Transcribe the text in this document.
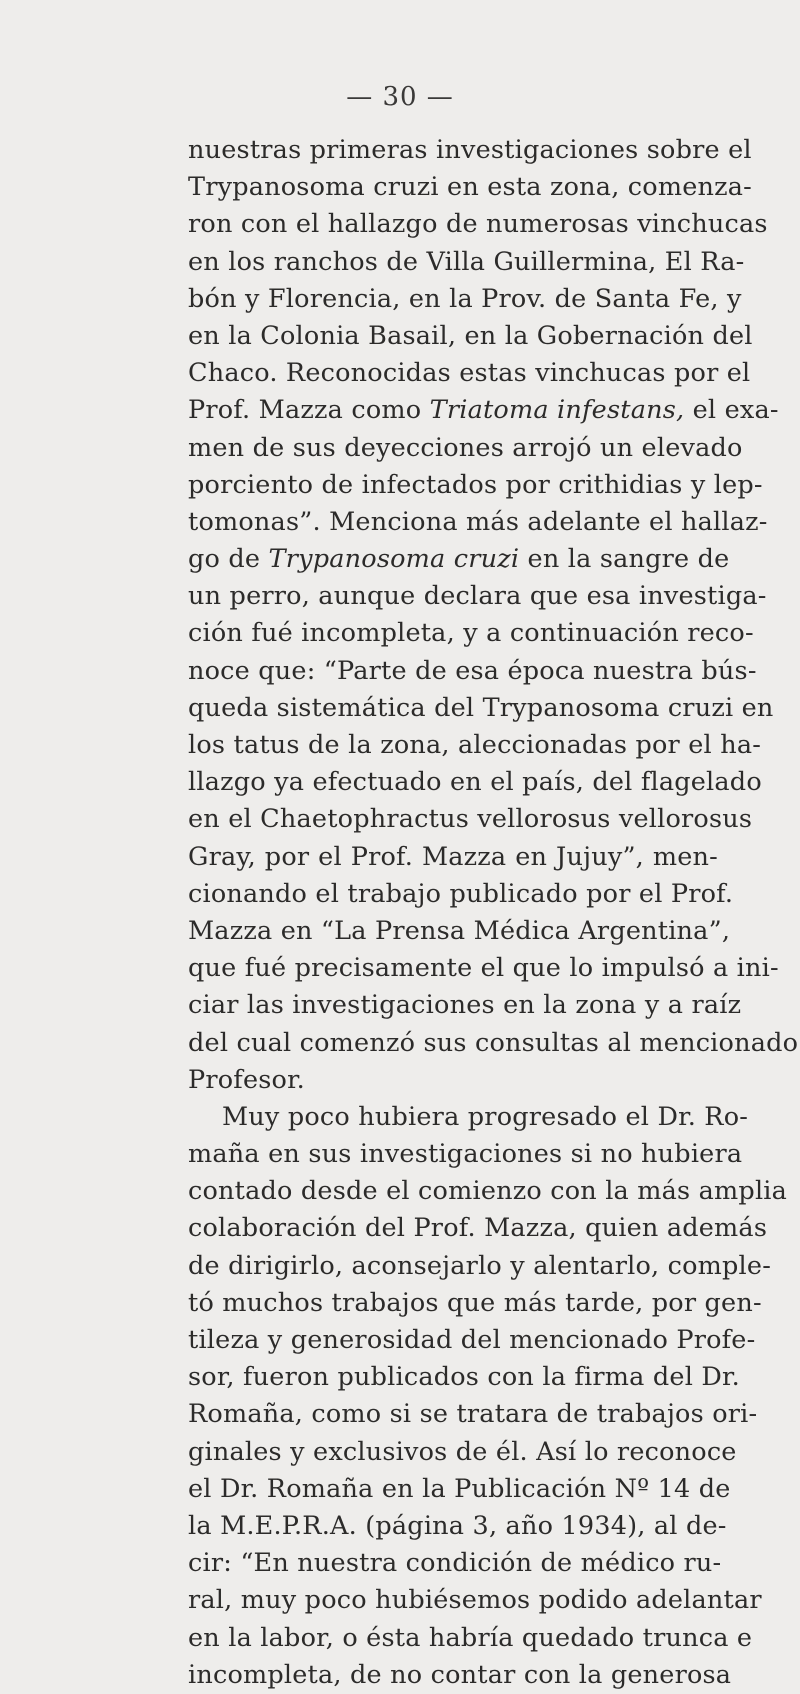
— 30 —
nuestras primeras investigaciones sobre el
Trypanosoma cruzi en esta zona, comenza-
ron con el hallazgo de numerosas vinchucas
en los ranchos de Villa Guillermina, El Ra-
bón y Florencia, en la Prov. de Santa Fe, y
en la Colonia Basail, en la Gobernación del
Chaco. Reconocidas estas vinchucas por el
Prof. Mazza como Triatoma infestans, el exa-
men de sus deyecciones arrojó un elevado
porciento de infectados por crithidias y lep-
tomonas”. Menciona más adelante el hallaz-
go de Trypanosoma cruzi en la sangre de
un perro, aunque declara que esa investiga-
ción fué incompleta, y a continuación reco-
noce que: “Parte de esa época nuestra bús-
queda sistemática del Trypanosoma cruzi en
los tatus de la zona, aleccionadas por el ha-
llazgo ya efectuado en el país, del flagelado
en el Chaetophractus vellorosus vellorosus
Gray, por el Prof. Mazza en Jujuy”, men-
cionando el trabajo publicado por el Prof.
Mazza en “La Prensa Médica Argentina”,
que fué precisamente el que lo impulsó a ini-
ciar las investigaciones en la zona y a raíz
del cual comenzó sus consultas al mencionado
Profesor.
Muy poco hubiera progresado el Dr. Ro-
maña en sus investigaciones si no hubiera
contado desde el comienzo con la más amplia
colaboración del Prof. Mazza, quien además
de dirigirlo, aconsejarlo y alentarlo, comple-
tó muchos trabajos que más tarde, por gen-
tileza y generosidad del mencionado Profe-
sor, fueron publicados con la firma del Dr.
Romaña, como si se tratara de trabajos ori-
ginales y exclusivos de él. Así lo reconoce
el Dr. Romaña en la Publicación Nº 14 de
la M.E.P.R.A. (página 3, año 1934), al de-
cir: “En nuestra condición de médico ru-
ral, muy poco hubiésemos podido adelantar
en la labor, o ésta habría quedado trunca e
incompleta, de no contar con la generosa
